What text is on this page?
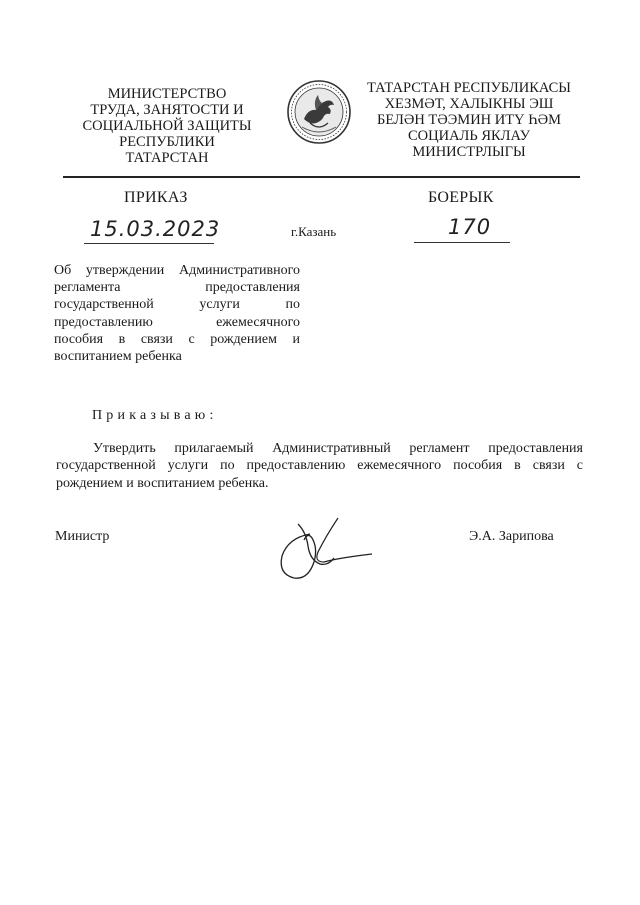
МИНИСТЕРСТВО
ТРУДА, ЗАНЯТОСТИ И
СОЦИАЛЬНОЙ ЗАЩИТЫ
РЕСПУБЛИКИ
ТАТАРСТАН
ТАТАРСТАН РЕСПУБЛИКАСЫ
ХЕЗМӘТ, ХАЛЫКНЫ ЭШ
БЕЛӘН ТӘЭМИН ИТҮ ҺӘМ
СОЦИАЛЬ ЯКЛАУ
МИНИСТРЛЫГЫ
ПРИКАЗ	БОЕРЫК
15.03.2023	г.Казань	170
Об утверждении Административного
регламента предоставления
государственной услуги по
предоставлению ежемесячного
пособия в связи с рождением и
воспитанием ребенка
Приказываю:
Утвердить прилагаемый Административный регламент предоставления государственной услуги по предоставлению ежемесячного пособия в связи с рождением и воспитанием ребенка.
Министр	Э.А. Зарипова
